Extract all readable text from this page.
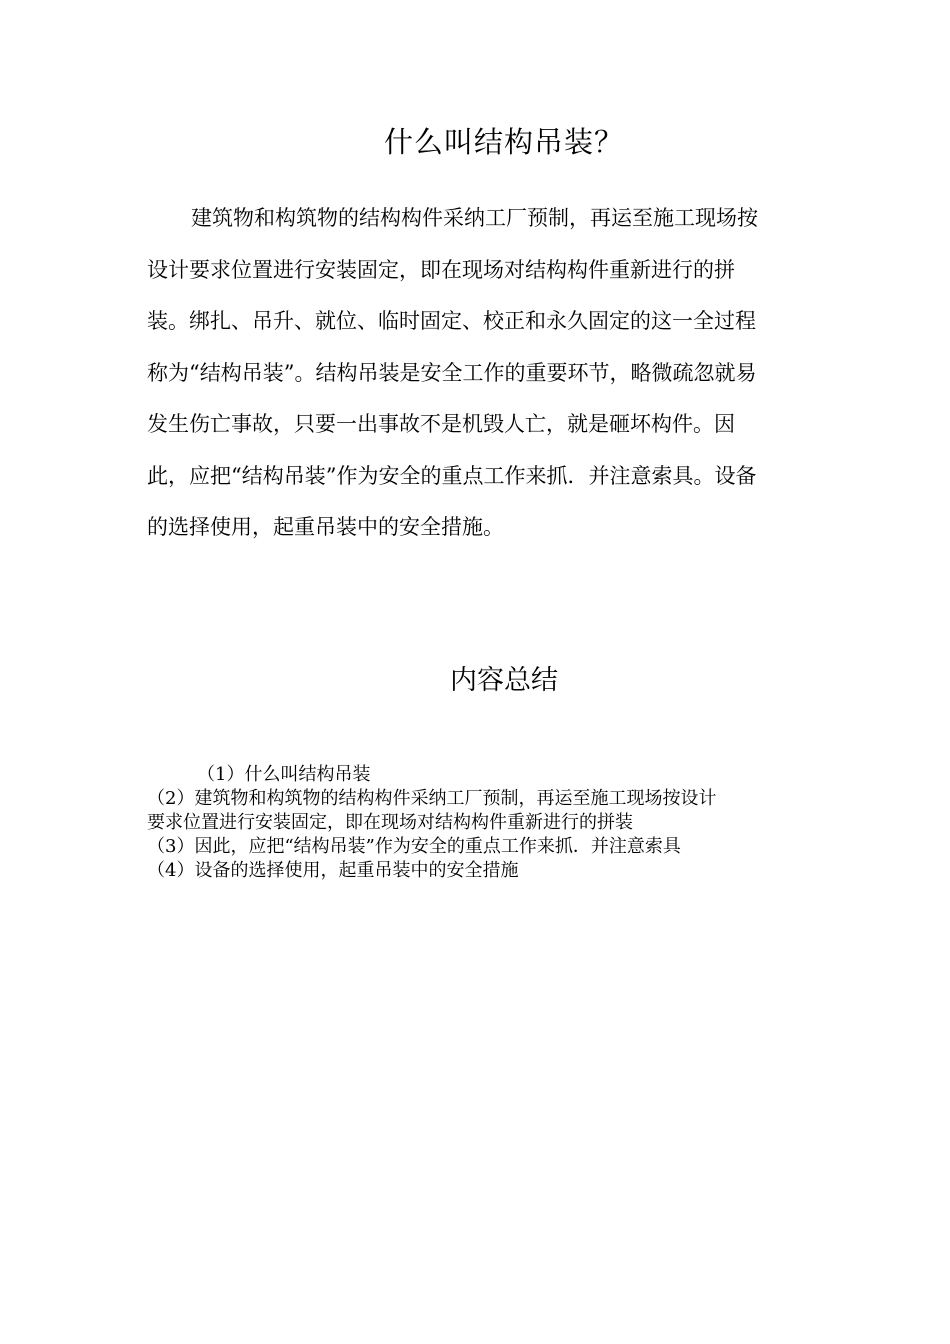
什么叫结构吊装？
建筑物和构筑物的结构构件采纳工厂预制，再运至施工现场按
设计要求位置进行安装固定，即在现场对结构构件重新进行的拼
装。绑扎、吊升、就位、临时固定、校正和永久固定的这一全过程
称为“结构吊装”。结构吊装是安全工作的重要环节，略微疏忽就易
发生伤亡事故，只要一出事故不是机毁人亡，就是砸坏构件。因
此，应把“结构吊装”作为安全的重点工作来抓．并注意索具。设备
的选择使用，起重吊装中的安全措施。
内容总结
（1）什么叫结构吊装
（2）建筑物和构筑物的结构构件采纳工厂预制，再运至施工现场按设计
要求位置进行安装固定，即在现场对结构构件重新进行的拼装
（3）因此，应把“结构吊装”作为安全的重点工作来抓．并注意索具
（4）设备的选择使用，起重吊装中的安全措施
